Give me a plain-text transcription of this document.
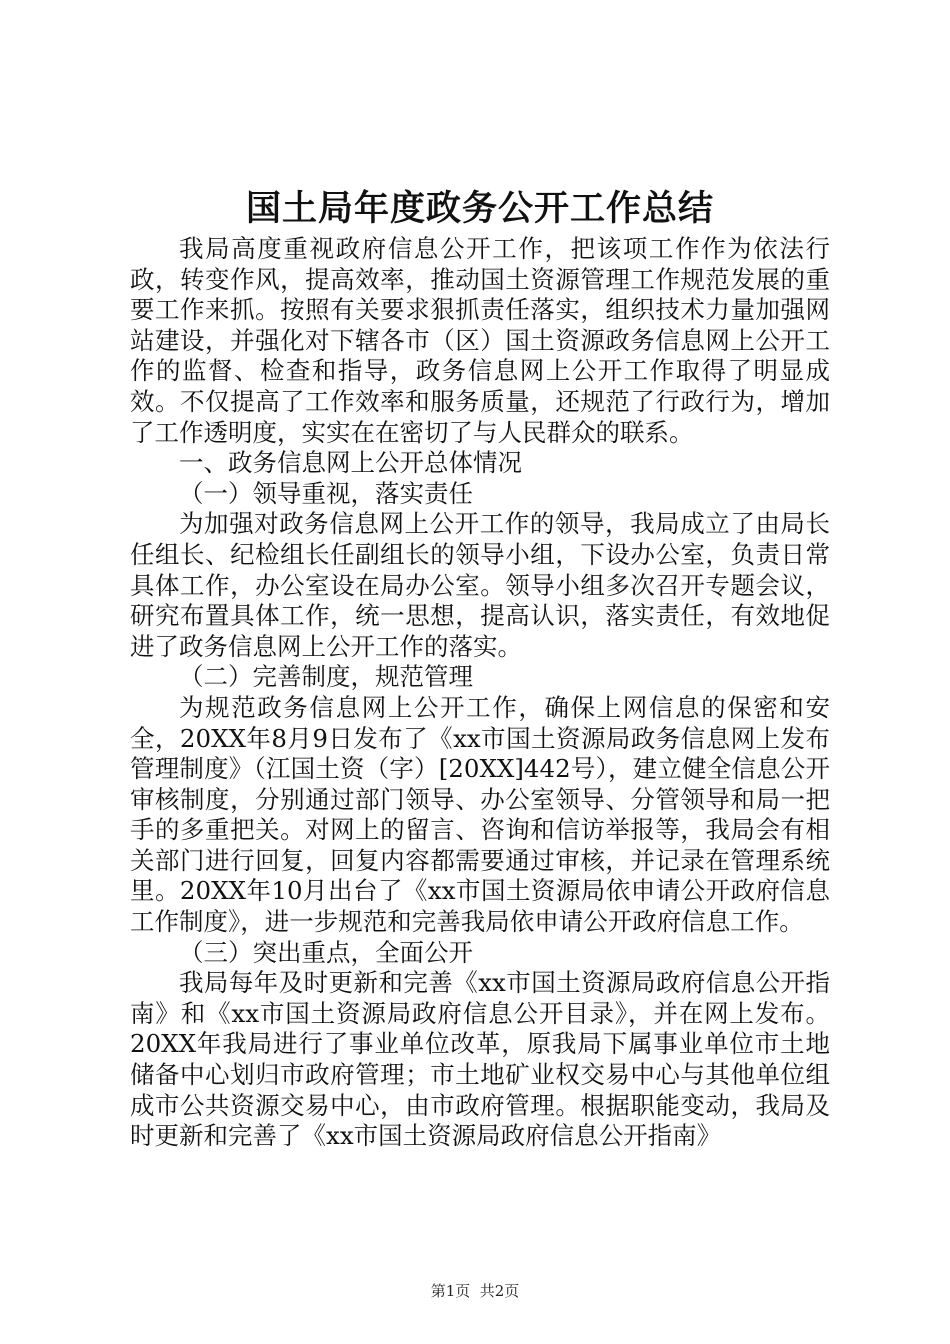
国土局年度政务公开工作总结

我局高度重视政府信息公开工作，把该项工作作为依法行政，转变作风，提高效率，推动国土资源管理工作规范发展的重要工作来抓。按照有关要求狠抓责任落实，组织技术力量加强网站建设，并强化对下辖各市（区）国土资源政务信息网上公开工作的监督、检查和指导，政务信息网上公开工作取得了明显成效。不仅提高了工作效率和服务质量，还规范了行政行为，增加了工作透明度，实实在在密切了与人民群众的联系。

一、政务信息网上公开总体情况

（一）领导重视，落实责任

为加强对政务信息网上公开工作的领导，我局成立了由局长任组长、纪检组长任副组长的领导小组，下设办公室，负责日常具体工作，办公室设在局办公室。领导小组多次召开专题会议，研究布置具体工作，统一思想，提高认识，落实责任，有效地促进了政务信息网上公开工作的落实。

（二）完善制度，规范管理

为规范政务信息网上公开工作，确保上网信息的保密和安全，20XX年8月9日发布了《xx市国土资源局政务信息网上发布管理制度》（江国土资（字）[20XX]442号），建立健全信息公开审核制度，分别通过部门领导、办公室领导、分管领导和局一把手的多重把关。对网上的留言、咨询和信访举报等，我局会有相关部门进行回复，回复内容都需要通过审核，并记录在管理系统里。20XX年10月出台了《xx市国土资源局依申请公开政府信息工作制度》，进一步规范和完善我局依申请公开政府信息工作。

（三）突出重点，全面公开

我局每年及时更新和完善《xx市国土资源局政府信息公开指南》和《xx市国土资源局政府信息公开目录》，并在网上发布。20XX年我局进行了事业单位改革，原我局下属事业单位市土地储备中心划归市政府管理；市土地矿业权交易中心与其他单位组成市公共资源交易中心，由市政府管理。根据职能变动，我局及时更新和完善了《xx市国土资源局政府信息公开指南》

第1页  共2页
